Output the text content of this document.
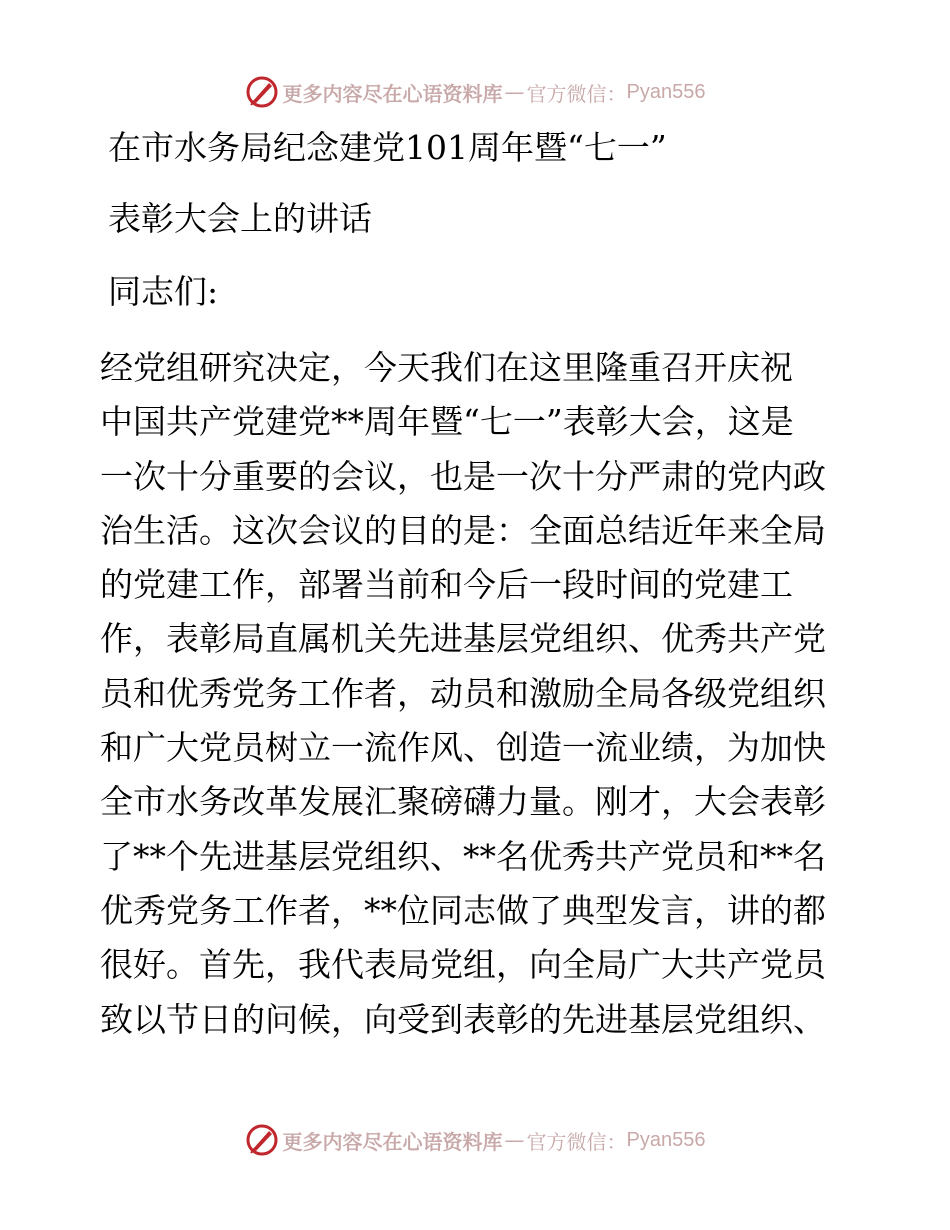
更多内容尽在心语资料库 — 官方微信： Pyan556
在市水务局纪念建党101周年暨“七一”
表彰大会上的讲话
同志们:
经党组研究决定，今天我们在这里隆重召开庆祝
中国共产党建党**周年暨“七一”表彰大会，这是
一次十分重要的会议，也是一次十分严肃的党内政
治生活。这次会议的目的是：全面总结近年来全局
的党建工作，部署当前和今后一段时间的党建工
作，表彰局直属机关先进基层党组织、优秀共产党
员和优秀党务工作者，动员和激励全局各级党组织
和广大党员树立一流作风、创造一流业绩，为加快
全市水务改革发展汇聚磅礴力量。刚才，大会表彰
了**个先进基层党组织、**名优秀共产党员和**名
优秀党务工作者，**位同志做了典型发言，讲的都
很好。首先，我代表局党组，向全局广大共产党员
致以节日的问候，向受到表彰的先进基层党组织、
更多内容尽在心语资料库 — 官方微信： Pyan556
